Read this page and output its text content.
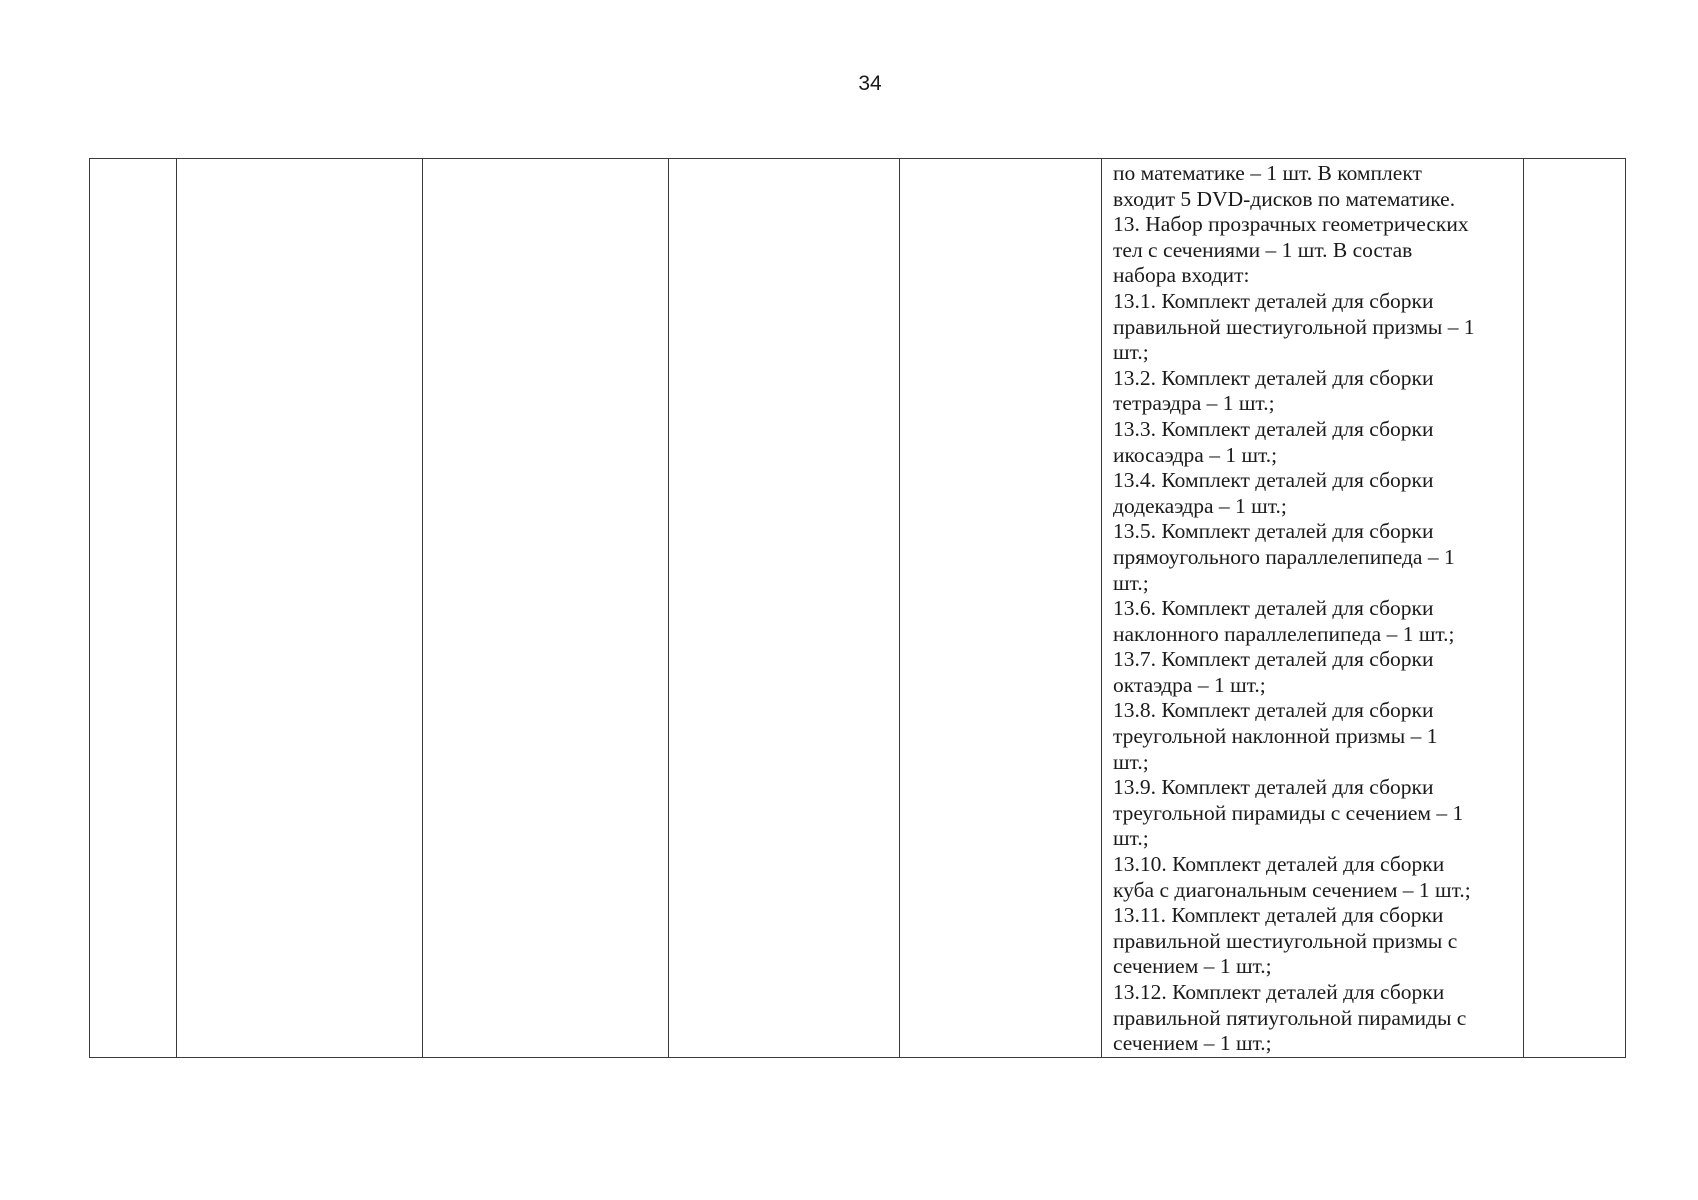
34

по математике – 1 шт. В комплект
входит 5 DVD-дисков по математике.
13. Набор прозрачных геометрических
тел с сечениями – 1 шт. В состав
набора входит:
13.1. Комплект деталей для сборки
правильной шестиугольной призмы – 1
шт.;
13.2. Комплект деталей для сборки
тетраэдра – 1 шт.;
13.3. Комплект деталей для сборки
икосаэдра – 1 шт.;
13.4. Комплект деталей для сборки
додекаэдра – 1 шт.;
13.5. Комплект деталей для сборки
прямоугольного параллелепипеда – 1
шт.;
13.6. Комплект деталей для сборки
наклонного параллелепипеда – 1 шт.;
13.7. Комплект деталей для сборки
октаэдра – 1 шт.;
13.8. Комплект деталей для сборки
треугольной наклонной призмы – 1
шт.;
13.9. Комплект деталей для сборки
треугольной пирамиды с сечением – 1
шт.;
13.10. Комплект деталей для сборки
куба с диагональным сечением – 1 шт.;
13.11. Комплект деталей для сборки
правильной шестиугольной призмы с
сечением – 1 шт.;
13.12. Комплект деталей для сборки
правильной пятиугольной пирамиды с
сечением – 1 шт.;
